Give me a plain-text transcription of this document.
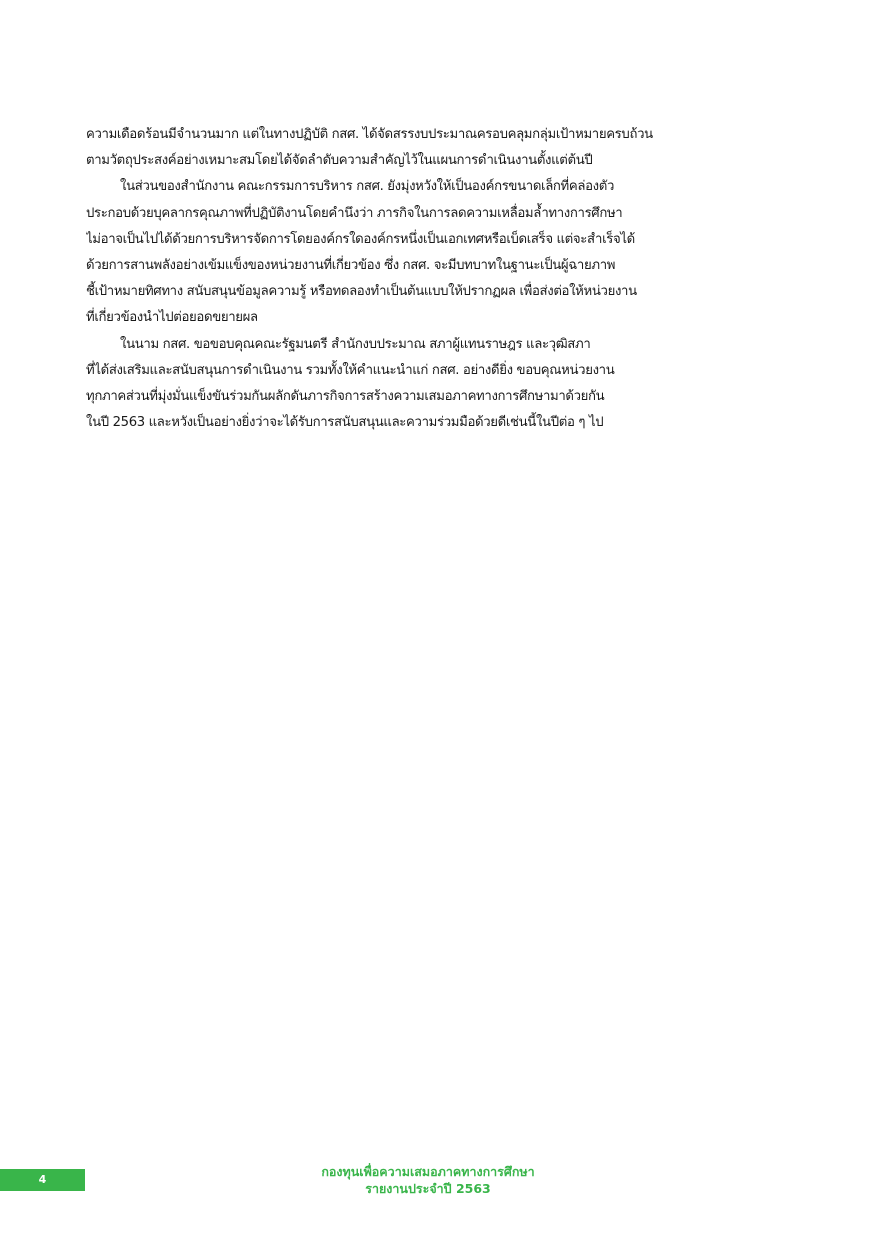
ความเดือดร้อนมีจำนวนมาก แต่ในทางปฏิบัติ กสศ. ได้จัดสรรงบประมาณครอบคลุมกลุ่มเป้าหมายครบถ้วน
ตามวัตถุประสงค์อย่างเหมาะสมโดยได้จัดลำดับความสำคัญไว้ในแผนการดำเนินงานตั้งแต่ต้นปี
ในส่วนของสำนักงาน คณะกรรมการบริหาร กสศ. ยังมุ่งหวังให้เป็นองค์กรขนาดเล็กที่คล่องตัว
ประกอบด้วยบุคลากรคุณภาพที่ปฏิบัติงานโดยคำนึงว่า ภารกิจในการลดความเหลื่อมล้ำทางการศึกษา
ไม่อาจเป็นไปได้ด้วยการบริหารจัดการโดยองค์กรใดองค์กรหนึ่งเป็นเอกเทศหรือเบ็ดเสร็จ แต่จะสำเร็จได้
ด้วยการสานพลังอย่างเข้มแข็งของหน่วยงานที่เกี่ยวข้อง ซึ่ง กสศ. จะมีบทบาทในฐานะเป็นผู้ฉายภาพ
ชี้เป้าหมายทิศทาง สนับสนุนข้อมูลความรู้ หรือทดลองทำเป็นต้นแบบให้ปรากฏผล เพื่อส่งต่อให้หน่วยงาน
ที่เกี่ยวข้องนำไปต่อยอดขยายผล
ในนาม กสศ. ขอขอบคุณคณะรัฐมนตรี สำนักงบประมาณ สภาผู้แทนราษฎร และวุฒิสภา
ที่ได้ส่งเสริมและสนับสนุนการดำเนินงาน รวมทั้งให้คำแนะนำแก่ กสศ. อย่างดียิ่ง ขอบคุณหน่วยงาน
ทุกภาคส่วนที่มุ่งมั่นแข็งขันร่วมกันผลักดันภารกิจการสร้างความเสมอภาคทางการศึกษามาด้วยกัน
ในปี 2563 และหวังเป็นอย่างยิ่งว่าจะได้รับการสนับสนุนและความร่วมมือด้วยดีเช่นนี้ในปีต่อ ๆ ไป
4
กองทุนเพื่อความเสมอภาคทางการศึกษา
รายงานประจำปี 2563
